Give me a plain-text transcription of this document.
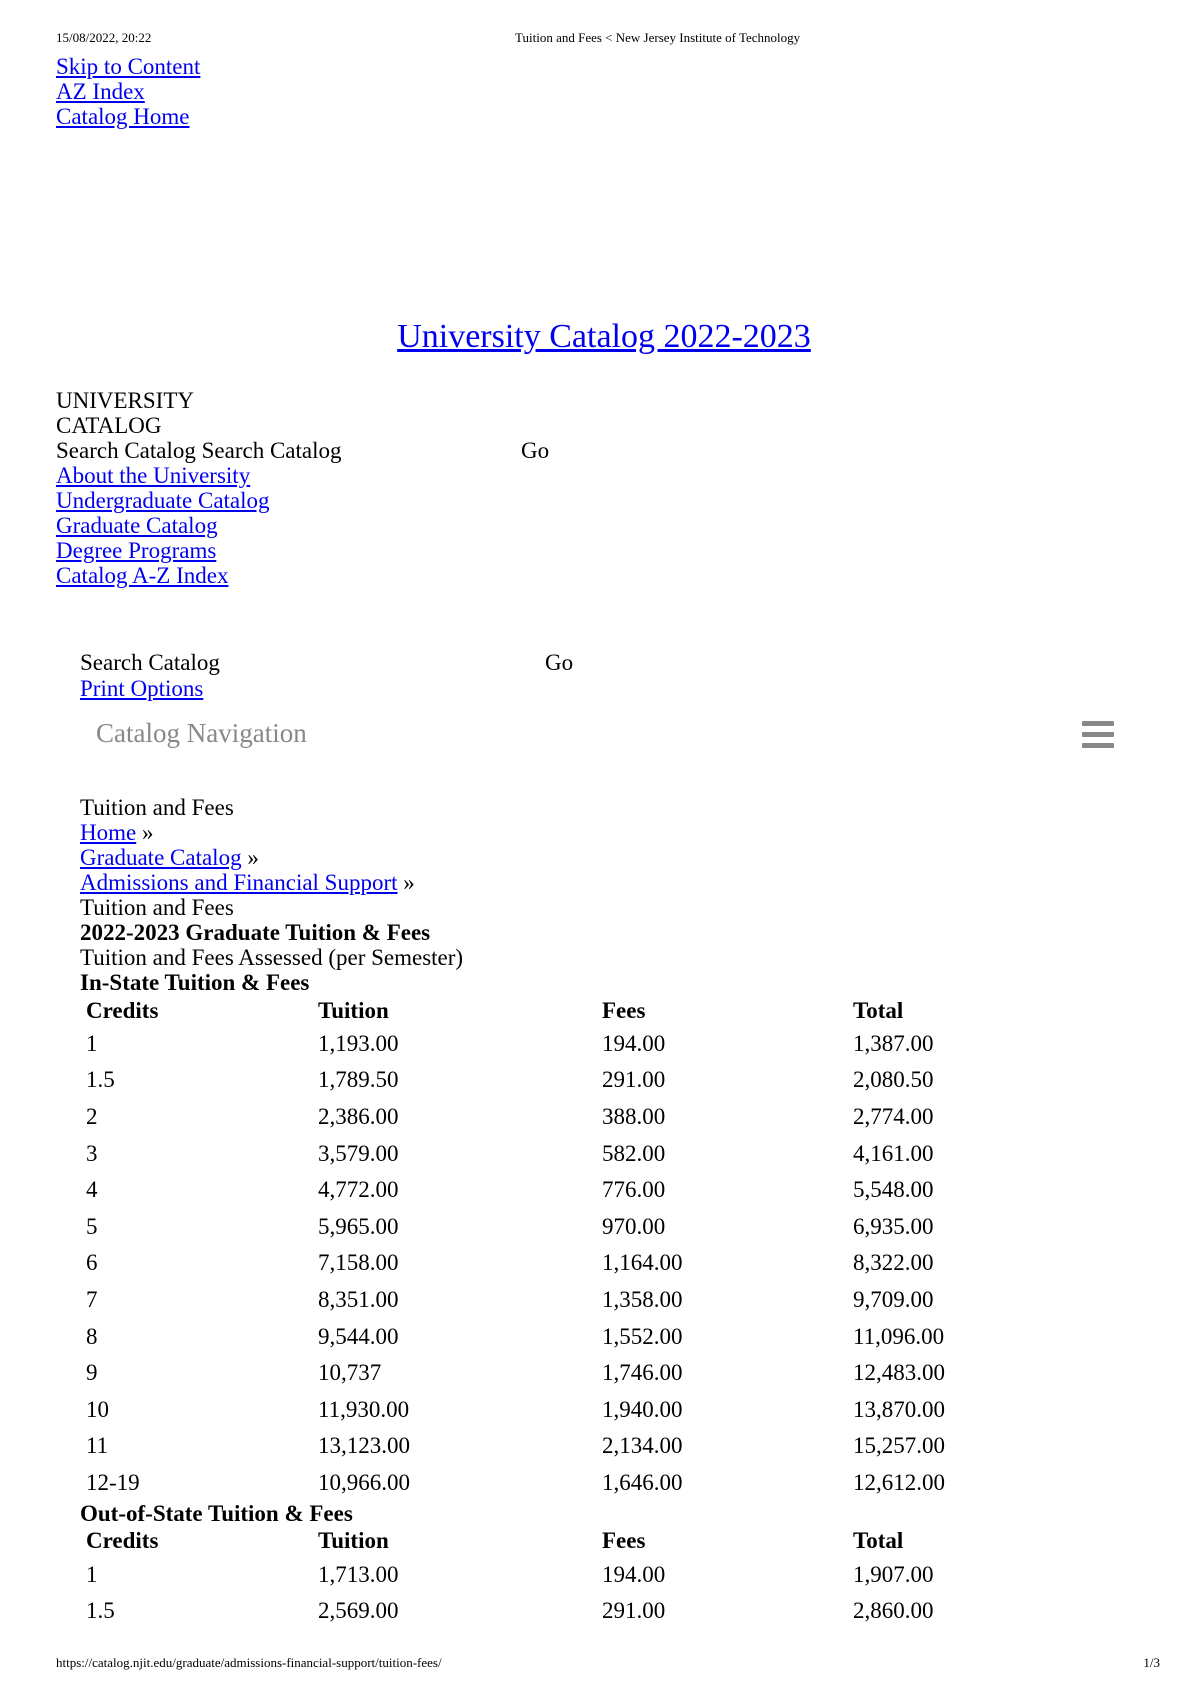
15/08/2022, 20:22	Tuition and Fees < New Jersey Institute of Technology
Skip to Content
AZ Index
Catalog Home
University Catalog 2022-2023
UNIVERSITY
CATALOG
Search Catalog Search Catalog	Go
About the University
Undergraduate Catalog
Graduate Catalog
Degree Programs
Catalog A-Z Index
Search Catalog	Go
Print Options
Catalog Navigation
Tuition and Fees
Home »
Graduate Catalog »
Admissions and Financial Support »
Tuition and Fees
2022-2023 Graduate Tuition & Fees
Tuition and Fees Assessed (per Semester)
In-State Tuition & Fees
Credits	Tuition	Fees	Total
1	1,193.00	194.00	1,387.00
1.5	1,789.50	291.00	2,080.50
2	2,386.00	388.00	2,774.00
3	3,579.00	582.00	4,161.00
4	4,772.00	776.00	5,548.00
5	5,965.00	970.00	6,935.00
6	7,158.00	1,164.00	8,322.00
7	8,351.00	1,358.00	9,709.00
8	9,544.00	1,552.00	11,096.00
9	10,737	1,746.00	12,483.00
10	11,930.00	1,940.00	13,870.00
11	13,123.00	2,134.00	15,257.00
12-19	10,966.00	1,646.00	12,612.00
Out-of-State Tuition & Fees
Credits	Tuition	Fees	Total
1	1,713.00	194.00	1,907.00
1.5	2,569.00	291.00	2,860.00
https://catalog.njit.edu/graduate/admissions-financial-support/tuition-fees/	1/3
